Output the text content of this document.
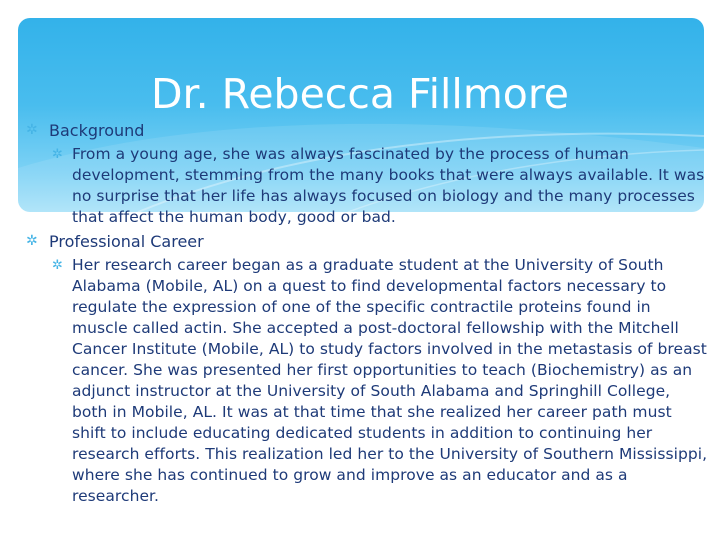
Dr. Rebecca Fillmore
✲ Background
✲ From a young age, she was always fascinated by the process of human development, stemming from the many books that were always available. It was no surprise that her life has always focused on biology and the many processes that affect the human body, good or bad.
✲ Professional Career
✲ Her research career began as a graduate student at the University of South Alabama (Mobile, AL) on a quest to find developmental factors necessary to regulate the expression of one of the specific contractile proteins found in muscle called actin. She accepted a post-doctoral fellowship with the Mitchell Cancer Institute (Mobile, AL) to study factors involved in the metastasis of breast cancer. She was presented her first opportunities to teach (Biochemistry) as an adjunct instructor at the University of South Alabama and Springhill College, both in Mobile, AL. It was at that time that she realized her career path must shift to include educating dedicated students in addition to continuing her research efforts. This realization led her to the University of Southern Mississippi, where she has continued to grow and improve as an educator and as a researcher.
